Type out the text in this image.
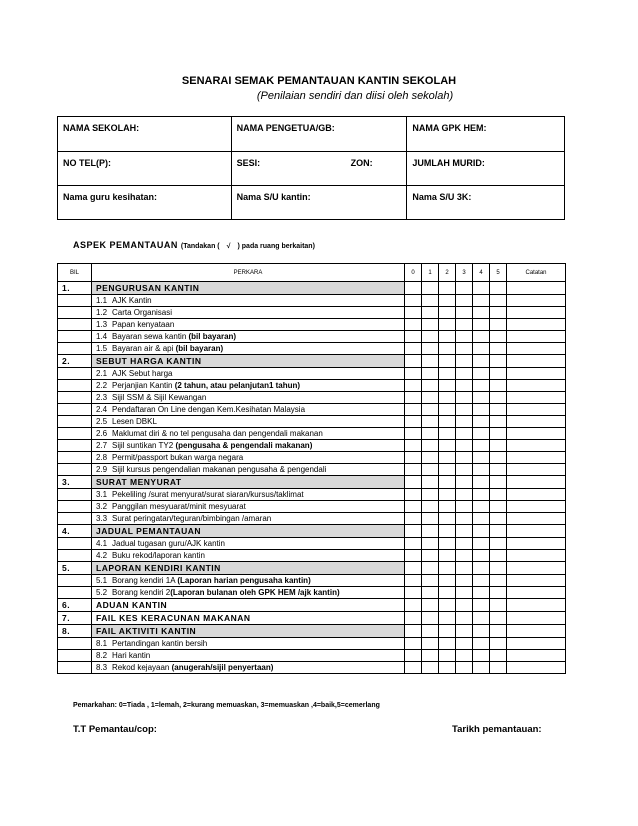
SENARAI SEMAK PEMANTAUAN KANTIN SEKOLAH
(Penilaian sendiri dan diisi oleh sekolah)
NAMA SEKOLAH:	NAMA PENGETUA/GB:	NAMA GPK HEM:
NO TEL(P):	SESI: ZON:	JUMLAH MURID:
Nama guru kesihatan:	Nama S/U kantin:	Nama S/U 3K:
ASPEK PEMANTAUAN (Tandakan ( √ ) pada ruang berkaitan)
BIL	PERKARA	0	1	2	3	4	5	Catatan
1.	PENGURUSAN KANTIN							
	1.1 AJK Kantin							
	1.2 Carta Organisasi							
	1.3 Papan kenyataan							
	1.4 Bayaran sewa kantin (bil bayaran)							
	1.5 Bayaran air & api (bil bayaran)							
2.	SEBUT HARGA KANTIN							
	2.1 AJK Sebut harga							
	2.2 Perjanjian Kantin (2 tahun, atau pelanjutan1 tahun)							
	2.3 Sijil SSM & Sijil Kewangan							
	2.4 Pendaftaran On Line dengan Kem.Kesihatan Malaysia							
	2.5 Lesen DBKL							
	2.6 Maklumat diri & no tel pengusaha dan pengendali makanan							
	2.7 Sijil suntikan TY2 (pengusaha & pengendali makanan)							
	2.8 Permit/passport bukan warga negara							
	2.9 Sijil kursus pengendalian makanan pengusaha & pengendali							
3.	SURAT MENYURAT							
	3.1 Pekeliling /surat menyurat/surat siaran/kursus/taklimat							
	3.2 Panggilan mesyuarat/minit mesyuarat							
	3.3 Surat peringatan/teguran/bimbingan /amaran							
4.	JADUAL PEMANTAUAN							
	4.1 Jadual tugasan guru/AJK kantin							
	4.2 Buku rekod/laporan kantin							
5.	LAPORAN KENDIRI KANTIN							
	5.1 Borang kendiri 1A (Laporan harian pengusaha kantin)							
	5.2 Borang kendiri 2(Laporan bulanan oleh GPK HEM /ajk kantin)							
6.	ADUAN KANTIN							
7.	FAIL KES KERACUNAN MAKANAN							
8.	FAIL AKTIVITI KANTIN							
	8.1 Pertandingan kantin bersih							
	8.2 Hari kantin							
	8.3 Rekod kejayaan (anugerah/sijil penyertaan)							
Pemarkahan: 0=Tiada , 1=lemah, 2=kurang memuaskan, 3=memuaskan ,4=baik,5=cemerlang
T.T Pemantau/cop:	Tarikh pemantauan:
